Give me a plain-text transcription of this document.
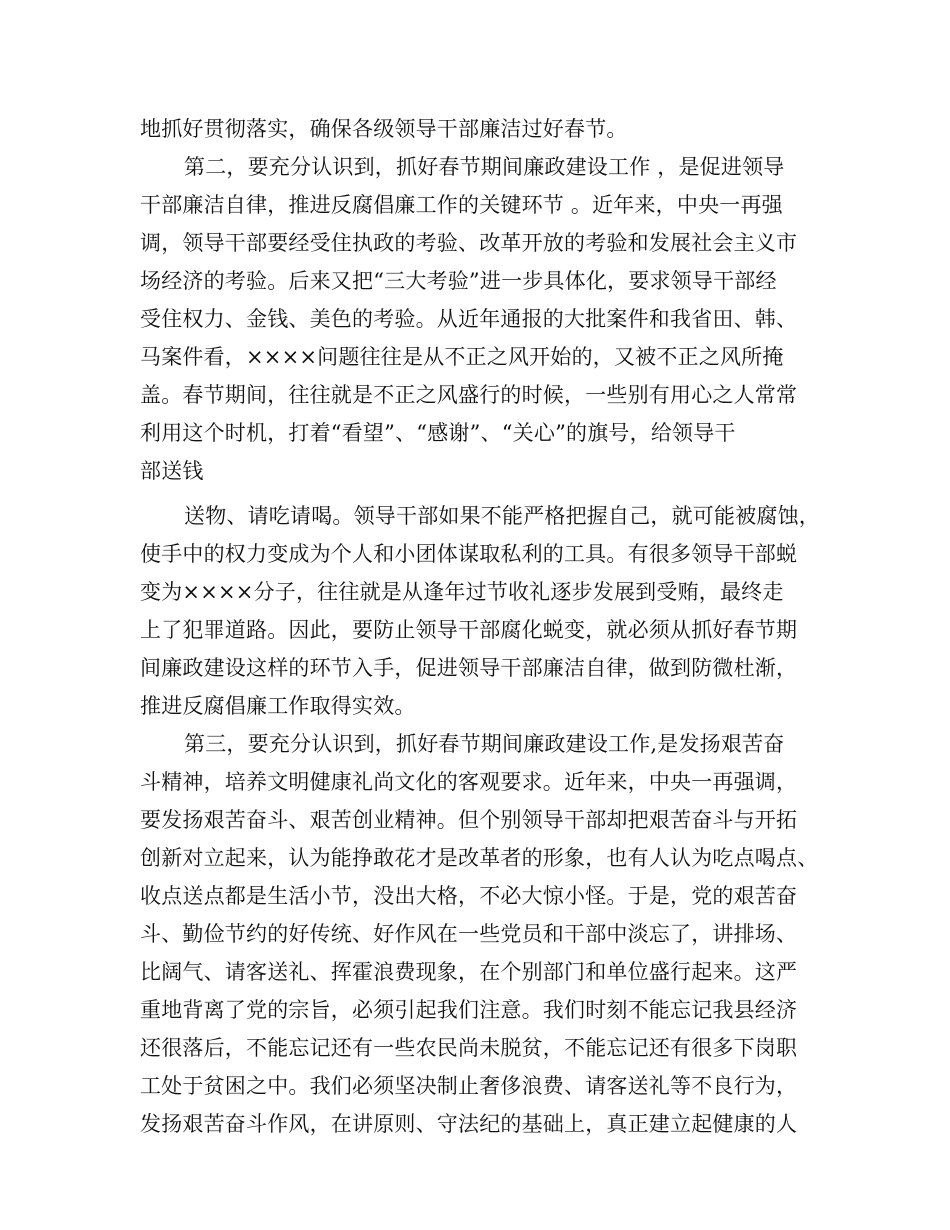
地抓好贯彻落实，确保各级领导干部廉洁过好春节。
第二，要充分认识到，抓好春节期间廉政建设工作 ，是促进领导
干部廉洁自律，推进反腐倡廉工作的关键环节 。近年来，中央一再强
调，领导干部要经受住执政的考验、改革开放的考验和发展社会主义市
场经济的考验。后来又把“三大考验”进一步具体化，要求领导干部经
受住权力、金钱、美色的考验。从近年通报的大批案件和我省田、韩、
马案件看，××××问题往往是从不正之风开始的，又被不正之风所掩
盖。春节期间，往往就是不正之风盛行的时候，一些别有用心之人常常
利用这个时机，打着“看望”、“感谢”、“关心”的旗号，给领导干
部送钱
送物、请吃请喝。领导干部如果不能严格把握自己，就可能被腐蚀，
使手中的权力变成为个人和小团体谋取私利的工具。有很多领导干部蜕
变为××××分子，往往就是从逢年过节收礼逐步发展到受贿，最终走
上了犯罪道路。因此，要防止领导干部腐化蜕变，就必须从抓好春节期
间廉政建设这样的环节入手，促进领导干部廉洁自律，做到防微杜渐，
推进反腐倡廉工作取得实效。
第三，要充分认识到，抓好春节期间廉政建设工作,是发扬艰苦奋
斗精神，培养文明健康礼尚文化的客观要求。近年来，中央一再强调，
要发扬艰苦奋斗、艰苦创业精神。但个别领导干部却把艰苦奋斗与开拓
创新对立起来，认为能挣敢花才是改革者的形象，也有人认为吃点喝点、
收点送点都是生活小节，没出大格，不必大惊小怪。于是，党的艰苦奋
斗、勤俭节约的好传统、好作风在一些党员和干部中淡忘了，讲排场、
比阔气、请客送礼、挥霍浪费现象，在个别部门和单位盛行起来。这严
重地背离了党的宗旨，必须引起我们注意。我们时刻不能忘记我县经济
还很落后，不能忘记还有一些农民尚未脱贫，不能忘记还有很多下岗职
工处于贫困之中。我们必须坚决制止奢侈浪费、请客送礼等不良行为，
发扬艰苦奋斗作风，在讲原则、守法纪的基础上，真正建立起健康的人
